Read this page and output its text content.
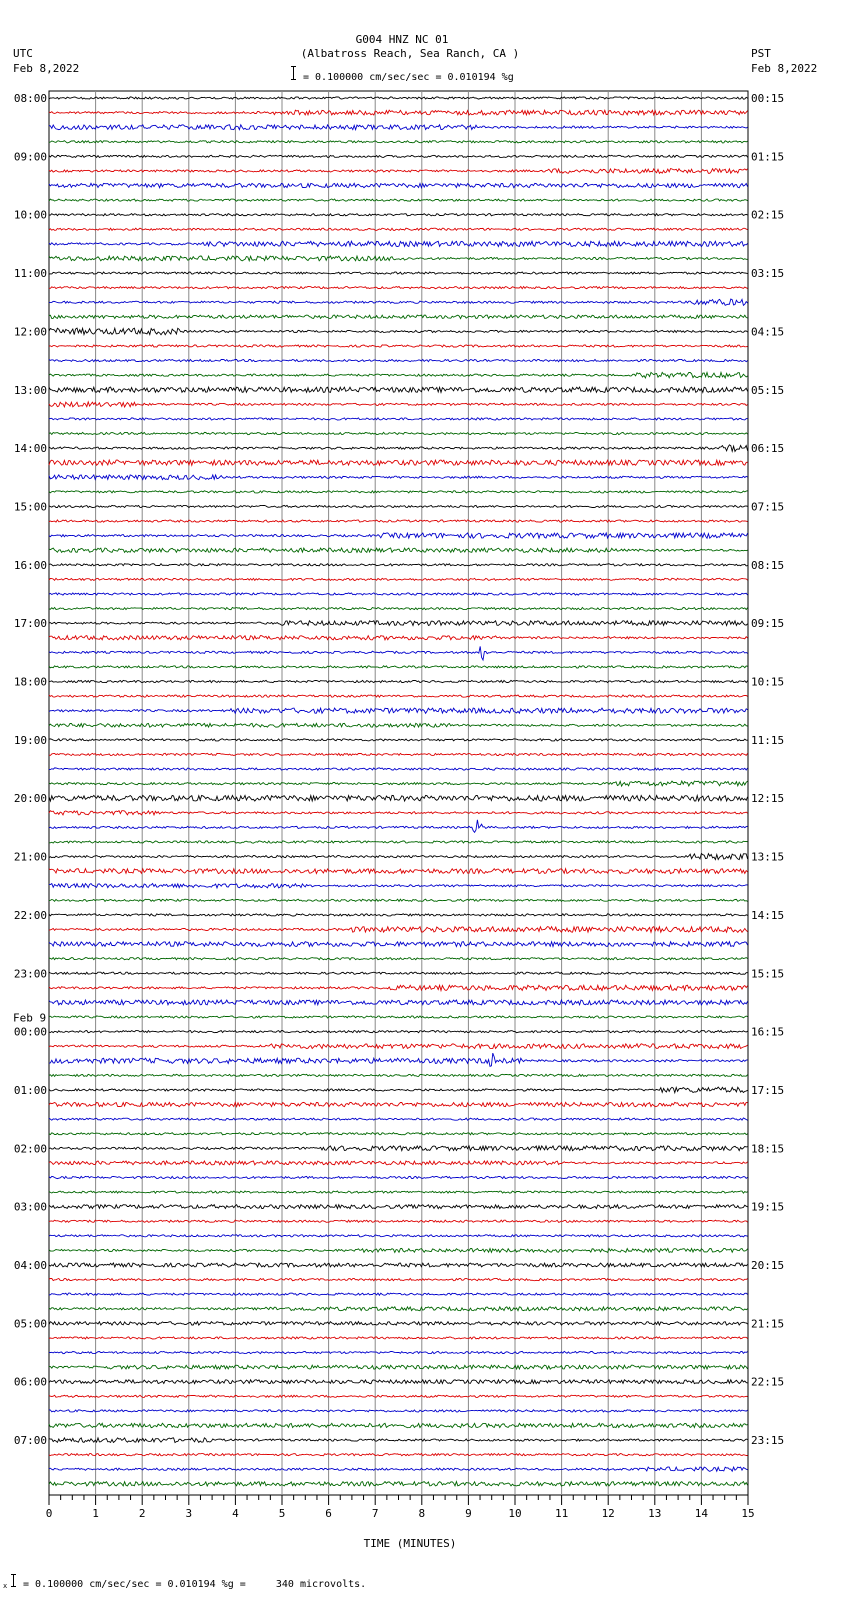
G004 HNZ NC 01
(Albatross Reach, Sea Ranch, CA )
= 0.100000 cm/sec/sec = 0.010194 %g
UTC
Feb 8,2022
PST
Feb 8,2022
08:00	00:15
09:00	01:15
10:00	02:15
11:00	03:15
12:00	04:15
13:00	05:15
14:00	06:15
15:00	07:15
16:00	08:15
17:00	09:15
18:00	10:15
19:00	11:15
20:00	12:15
21:00	13:15
22:00	14:15
23:00	15:15
00:00	16:15
01:00	17:15
02:00	18:15
03:00	19:15
04:00	20:15
05:00	21:15
06:00	22:15
07:00	23:15
Feb 9
0	1	2	3	4	5	6	7	8	9	10	11	12	13	14	15
TIME (MINUTES)
x = 0.100000 cm/sec/sec = 0.010194 %g =     340 microvolts.
